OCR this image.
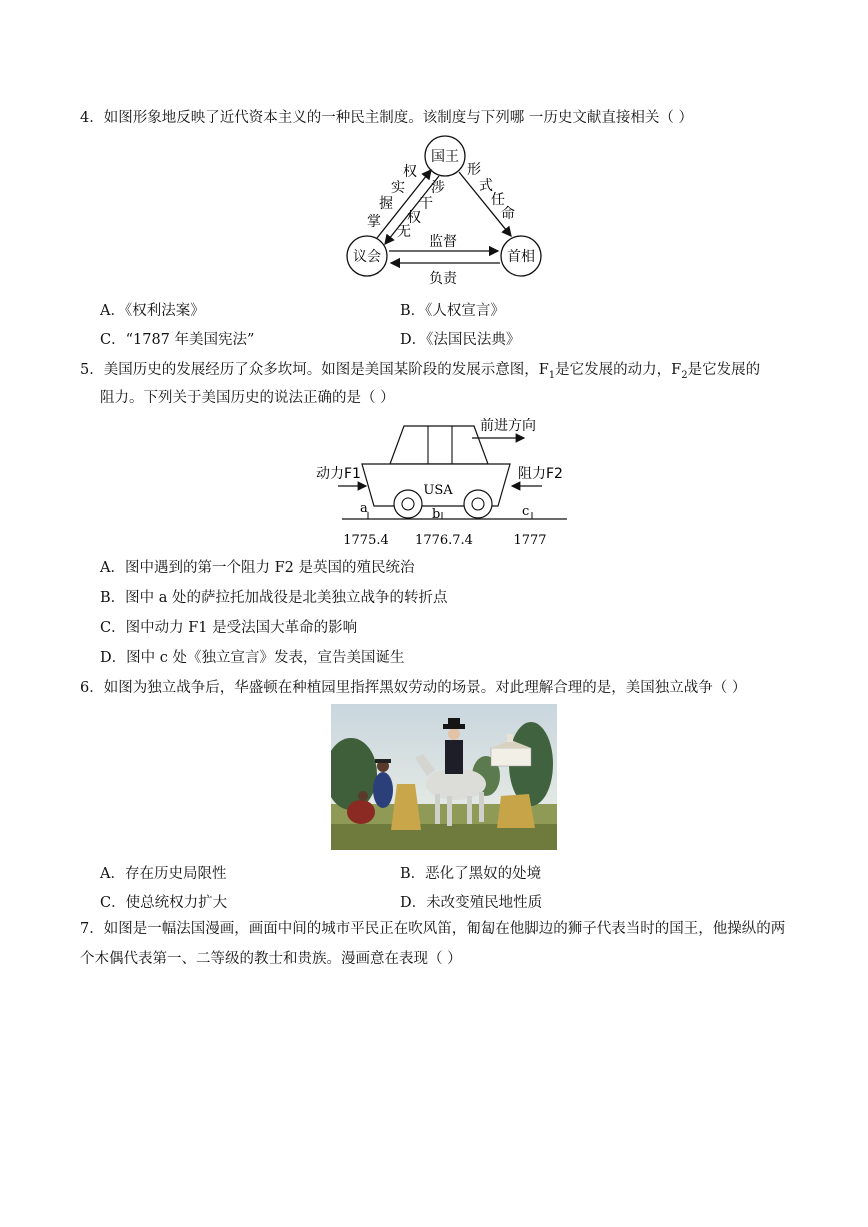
4．如图形象地反映了近代资本主义的一种民主制度。该制度与下列哪 一历史文献直接相关（ ）
国王
议会	首相
掌
握
实
权
涉
干
权
无
形
式
任
命
监督
负责
A．《权利法案》	B．《人权宣言》
C．“1787 年美国宪法”	D．《法国民法典》
5．美国历史的发展经历了众多坎坷。如图是美国某阶段的发展示意图，$F_1$是它发展的动力，$F_2$是它发展的
阻力。下列关于美国历史的说法正确的是（ ）
前进方向
动力F1	阻力F2
USA
a	b	c
1775.4 1776.7.4	1777
A．图中遇到的第一个阻力 F2 是英国的殖民统治
B．图中 a 处的萨拉托加战役是北美独立战争的转折点
C．图中动力 F1 是受法国大革命的影响
D．图中 c 处《独立宣言》发表，宣告美国诞生
6．如图为独立战争后，华盛顿在种植园里指挥黑奴劳动的场景。对此理解合理的是，美国独立战争（ ）
A．存在历史局限性	B．恶化了黑奴的处境
C．使总统权力扩大	D．未改变殖民地性质
7．如图是一幅法国漫画，画面中间的城市平民正在吹风笛，匍匐在他脚边的狮子代表当时的国王，他操纵的两个木偶代表第一、二等级的教士和贵族。漫画意在表现（ ）
